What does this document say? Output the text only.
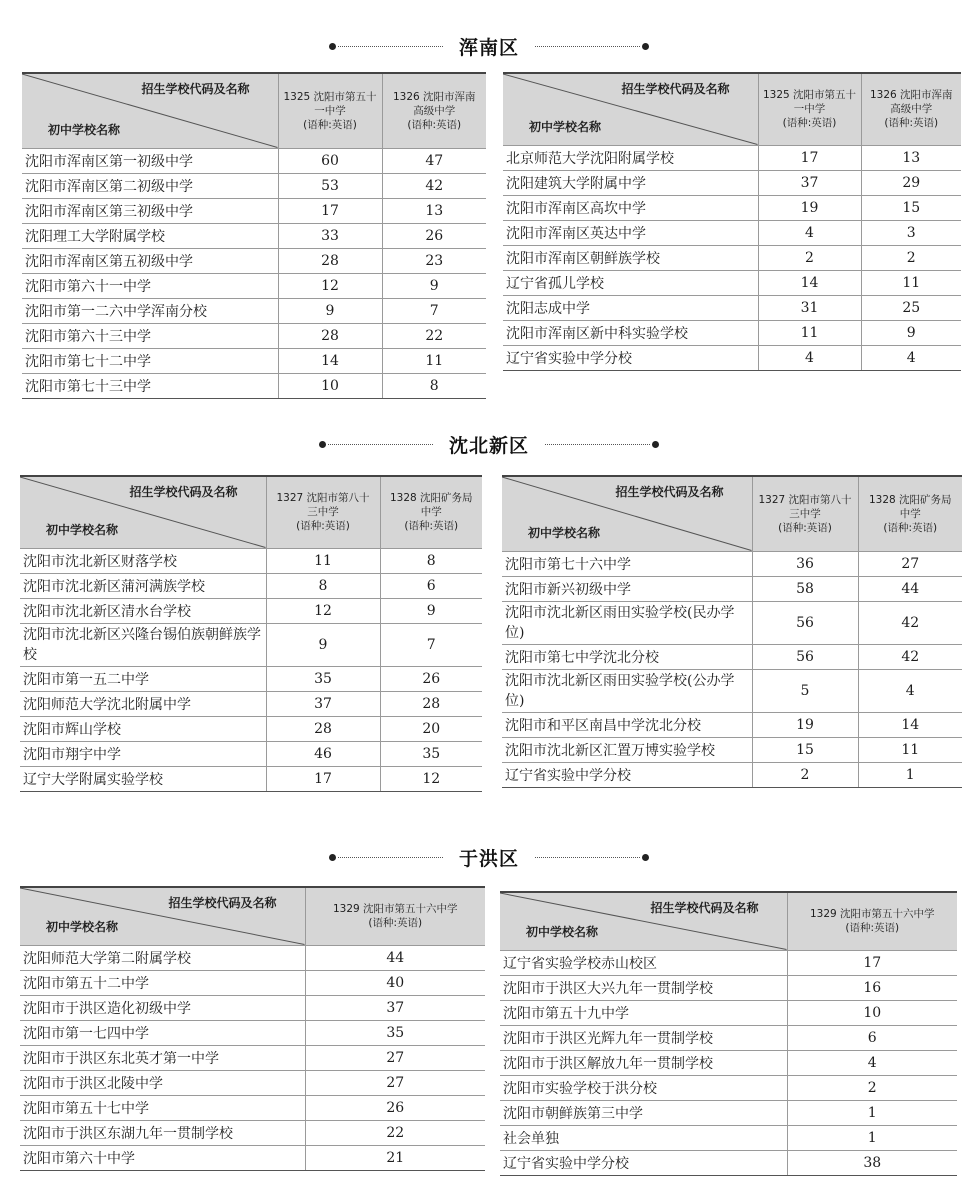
浑南区
沈北新区
于洪区
招生学校代码及名称
初中学校名称	1325 沈阳市第五十
一中学
(语种:英语)	1326 沈阳市浑南
高级中学
(语种:英语)

沈阳市浑南区第一初级中学	60	47
沈阳市浑南区第二初级中学	53	42
沈阳市浑南区第三初级中学	17	13
沈阳理工大学附属学校	33	26
沈阳市浑南区第五初级中学	28	23
沈阳市第六十一中学	12	9
沈阳市第一二六中学浑南分校	9	7
沈阳市第六十三中学	28	22
沈阳市第七十二中学	14	11
沈阳市第七十三中学	10	8
招生学校代码及名称
初中学校名称	1325 沈阳市第五十
一中学
(语种:英语)	1326 沈阳市浑南
高级中学
(语种:英语)

北京师范大学沈阳附属学校	17	13
沈阳建筑大学附属中学	37	29
沈阳市浑南区高坎中学	19	15
沈阳市浑南区英达中学	4	3
沈阳市浑南区朝鲜族学校	2	2
辽宁省孤儿学校	14	11
沈阳志成中学	31	25
沈阳市浑南区新中科实验学校	11	9
辽宁省实验中学分校	4	4
招生学校代码及名称
初中学校名称	1327 沈阳市第八十
三中学
(语种:英语)	1328 沈阳矿务局
中学
(语种:英语)

沈阳市沈北新区财落学校	11	8
沈阳市沈北新区蒲河满族学校	8	6
沈阳市沈北新区清水台学校	12	9
沈阳市沈北新区兴隆台锡伯族朝鲜族学校	9	7
沈阳市第一五二中学	35	26
沈阳师范大学沈北附属中学	37	28
沈阳市辉山学校	28	20
沈阳市翔宇中学	46	35
辽宁大学附属实验学校	17	12
招生学校代码及名称
初中学校名称	1327 沈阳市第八十
三中学
(语种:英语)	1328 沈阳矿务局
中学
(语种:英语)

沈阳市第七十六中学	36	27
沈阳市新兴初级中学	58	44
沈阳市沈北新区雨田实验学校(民办学位)	56	42
沈阳市第七中学沈北分校	56	42
沈阳市沈北新区雨田实验学校(公办学位)	5	4
沈阳市和平区南昌中学沈北分校	19	14
沈阳市沈北新区汇置万博实验学校	15	11
辽宁省实验中学分校	2	1
招生学校代码及名称
初中学校名称	1329 沈阳市第五十六中学
(语种:英语)

沈阳师范大学第二附属学校	44
沈阳市第五十二中学	40
沈阳市于洪区造化初级中学	37
沈阳市第一七四中学	35
沈阳市于洪区东北英才第一中学	27
沈阳市于洪区北陵中学	27
沈阳市第五十七中学	26
沈阳市于洪区东湖九年一贯制学校	22
沈阳市第六十中学	21
招生学校代码及名称
初中学校名称	1329 沈阳市第五十六中学
(语种:英语)

辽宁省实验学校赤山校区	17
沈阳市于洪区大兴九年一贯制学校	16
沈阳市第五十九中学	10
沈阳市于洪区光辉九年一贯制学校	6
沈阳市于洪区解放九年一贯制学校	4
沈阳市实验学校于洪分校	2
沈阳市朝鲜族第三中学	1
社会单独	1
辽宁省实验中学分校	38
